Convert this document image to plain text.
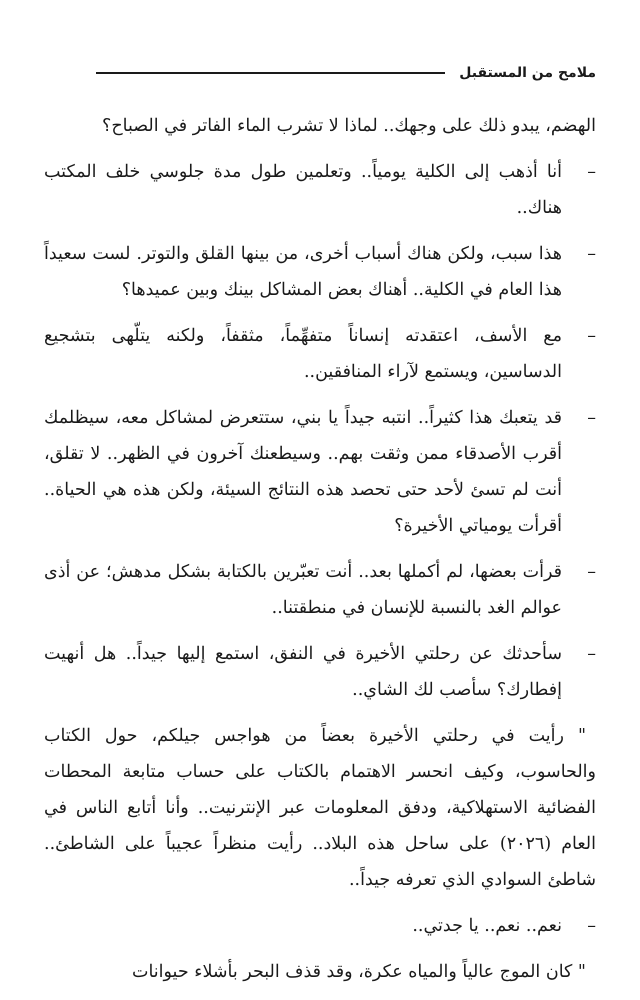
ملامح من المستقبل

الهضم، يبدو ذلك على وجهك.. لماذا لا تشرب الماء الفاتر في الصباح؟

–
أنا أذهب إلى الكلية يومياً.. وتعلمين طول مدة جلوسي خلف المكتب هناك..
–
هذا سبب، ولكن هناك أسباب أخرى، من بينها القلق والتوتر. لست سعيداً هذا العام في الكلية.. أهناك بعض المشاكل بينك وبين عميدها؟
–
مع الأسف، اعتقدته إنساناً متفهِّماً، مثقفاً، ولكنه يتلّهى بتشجيع الدساسين، ويستمع لآراء المنافقين..
–
قد يتعبك هذا كثيراً.. انتبه جيداً يا بني، ستتعرض لمشاكل معه، سيظلمك أقرب الأصدقاء ممن وثقت بهم.. وسيطعنك آخرون في الظهر.. لا تقلق، أنت لم تسئ لأحد حتى تحصد هذه النتائج السيئة، ولكن هذه هي الحياة.. أقرأت يومياتي الأخيرة؟
–
قرأت بعضها، لم أكملها بعد.. أنت تعبّرين بالكتابة بشكل مدهش؛ عن أذى عوالم الغد بالنسبة للإنسان في منطقتنا..
–
سأحدثك عن رحلتي الأخيرة في النفق، استمع إليها جيداً.. هل أنهيت إفطارك؟ سأصب لك الشاي..

" رأيت في رحلتي الأخيرة بعضاً من هواجس جيلكم، حول الكتاب والحاسوب، وكيف انحسر الاهتمام بالكتاب على حساب متابعة المحطات الفضائية الاستهلاكية، ودفق المعلومات عبر الإنترنيت.. وأنا أتابع الناس في العام (٢٠٢٦) على ساحل هذه البلاد.. رأيت منظراً عجيباً على الشاطئ.. شاطئ السوادي الذي تعرفه جيداً..

–
نعم.. نعم.. يا جدتي..

" كان الموج عالياً والمياه عكرة، وقد قذف البحر بأشلاء حيوانات
